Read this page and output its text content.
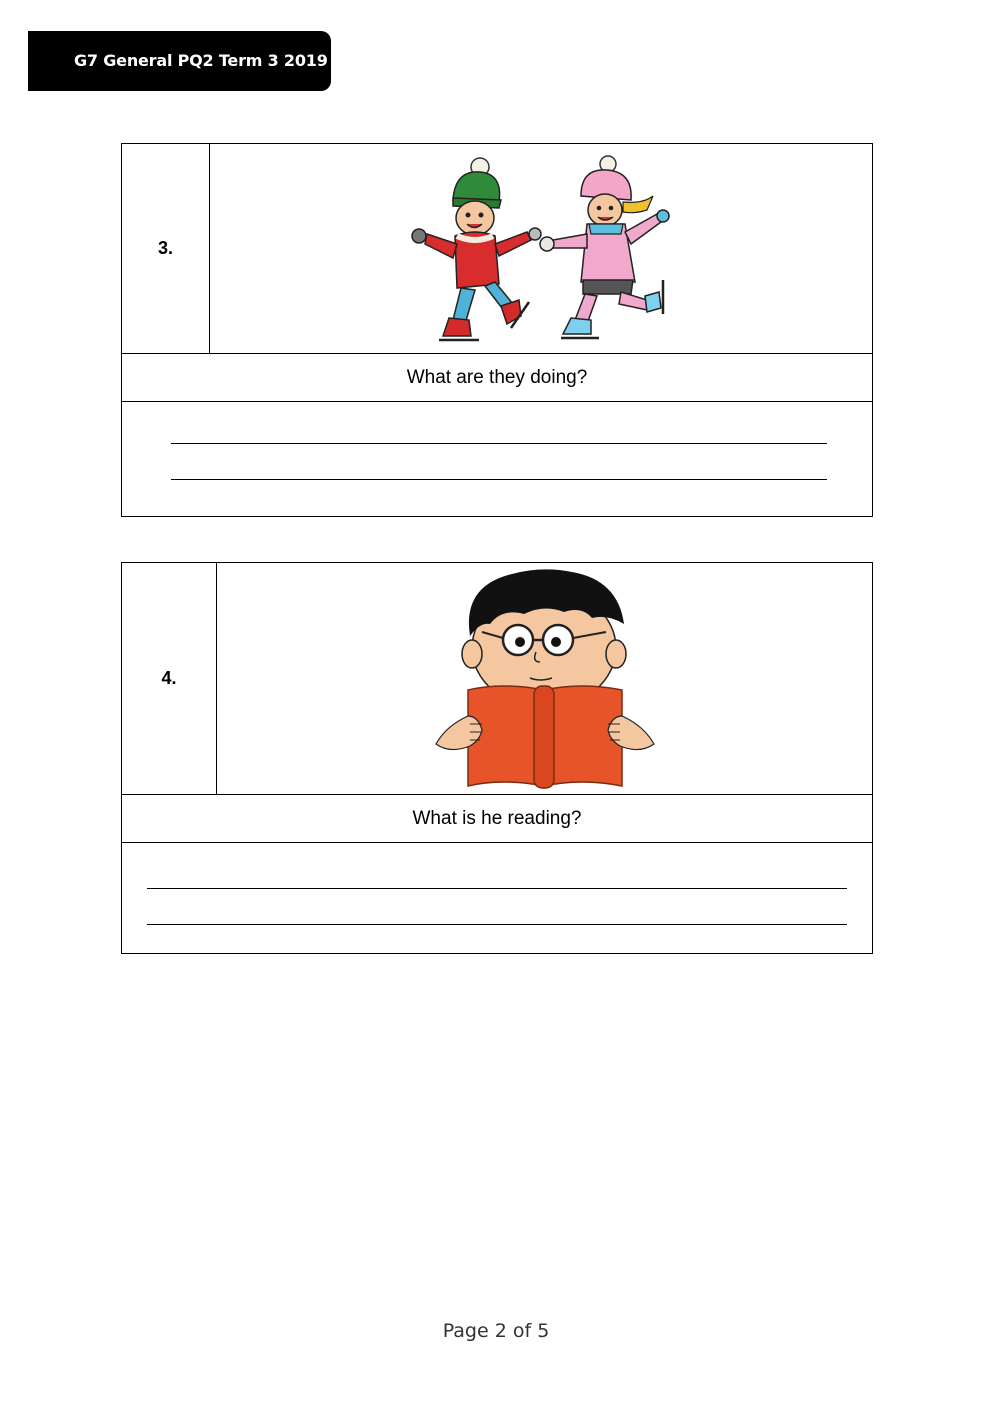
G7 General PQ2 Term 3 2019
3.
What are they doing?
4.
What is he reading?
Page 2 of 5
